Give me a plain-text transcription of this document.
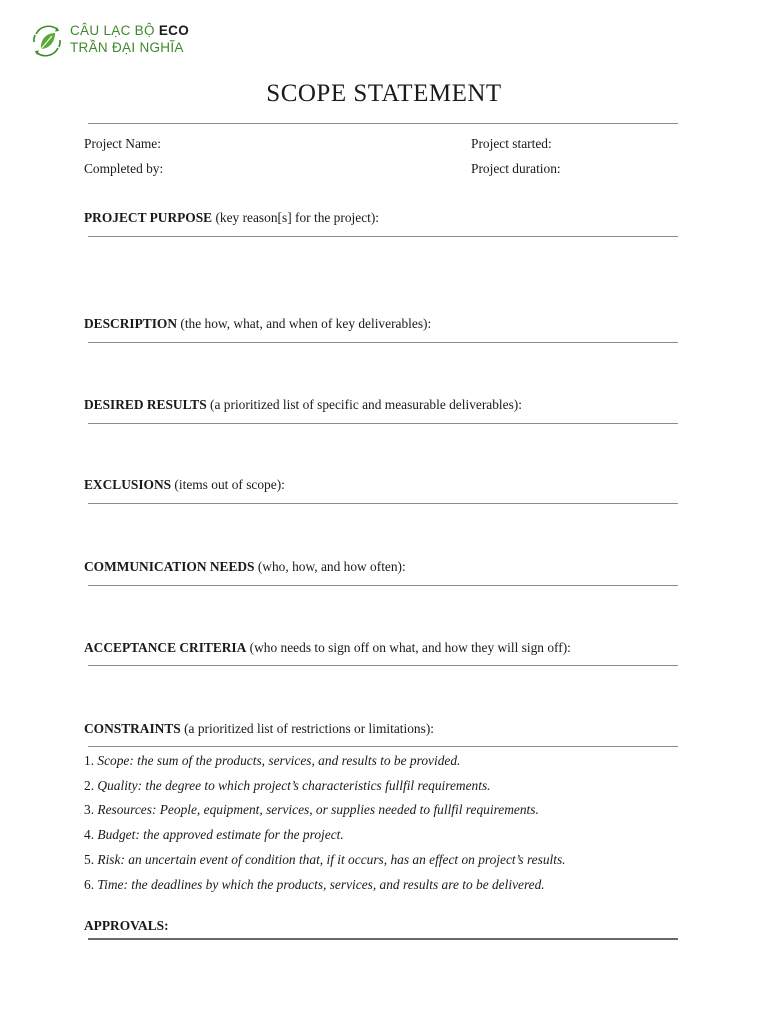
CÂU LẠC BỘ ECO
TRẦN ĐẠI NGHĨA
SCOPE STATEMENT
Project Name:	Project started:
Completed by:	Project duration:
PROJECT PURPOSE (key reason[s] for the project):
DESCRIPTION (the how, what, and when of key deliverables):
DESIRED RESULTS (a prioritized list of specific and measurable deliverables):
EXCLUSIONS (items out of scope):
COMMUNICATION NEEDS (who, how, and how often):
ACCEPTANCE CRITERIA (who needs to sign off on what, and how they will sign off):
CONSTRAINTS (a prioritized list of restrictions or limitations):
1. Scope: the sum of the products, services, and results to be provided.
2. Quality: the degree to which project’s characteristics fullfil requirements.
3. Resources: People, equipment, services, or supplies needed to fullfil requirements.
4. Budget: the approved estimate for the project.
5. Risk: an uncertain event of condition that, if it occurs, has an effect on project’s results.
6. Time: the deadlines by which the products, services, and results are to be delivered.
APPROVALS:
